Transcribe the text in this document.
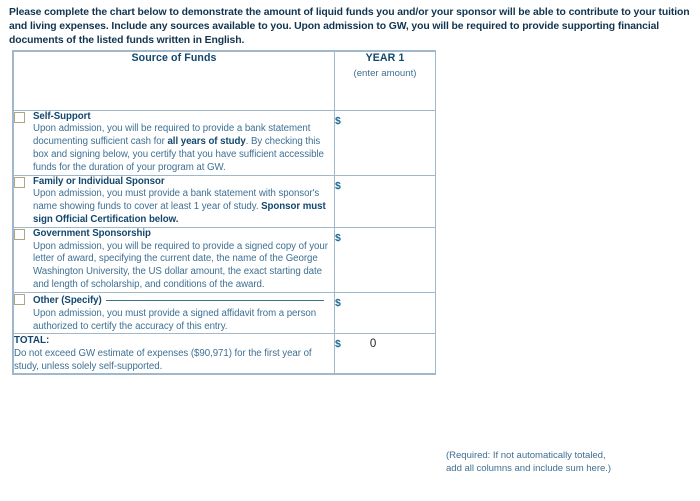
Please complete the chart below to demonstrate the amount of liquid funds you and/or your sponsor will be able to contribute to your tuition and living expenses. Include any sources available to you. Upon admission to GW, you will be required to provide supporting financial documents of the listed funds written in English.
Source of Funds	YEAR 1
(enter amount)

Self-Support
Upon admission, you will be required to provide a bank statement documenting sufficient cash for all years of study. By checking this box and signing below, you certify that you have sufficient accessible funds for the duration of your program at GW.	$

Family or Individual Sponsor
Upon admission, you must provide a bank statement with sponsor's name showing funds to cover at least 1 year of study. Sponsor must sign Official Certification below.	$

Government Sponsorship
Upon admission, you will be required to provide a signed copy of your letter of award, specifying the current date, the name of the George Washington University, the US dollar amount, the exact starting date and length of scholarship, and conditions of the award.	$

Other (Specify)
Upon admission, you must provide a signed affidavit from a person authorized to certify the accuracy of this entry.	$

TOTAL:
Do not exceed GW estimate of expenses ($90,971) for the first year of study, unless solely self-supported.	$ 0
(Required: If not automatically totaled,
add all columns and include sum here.)
